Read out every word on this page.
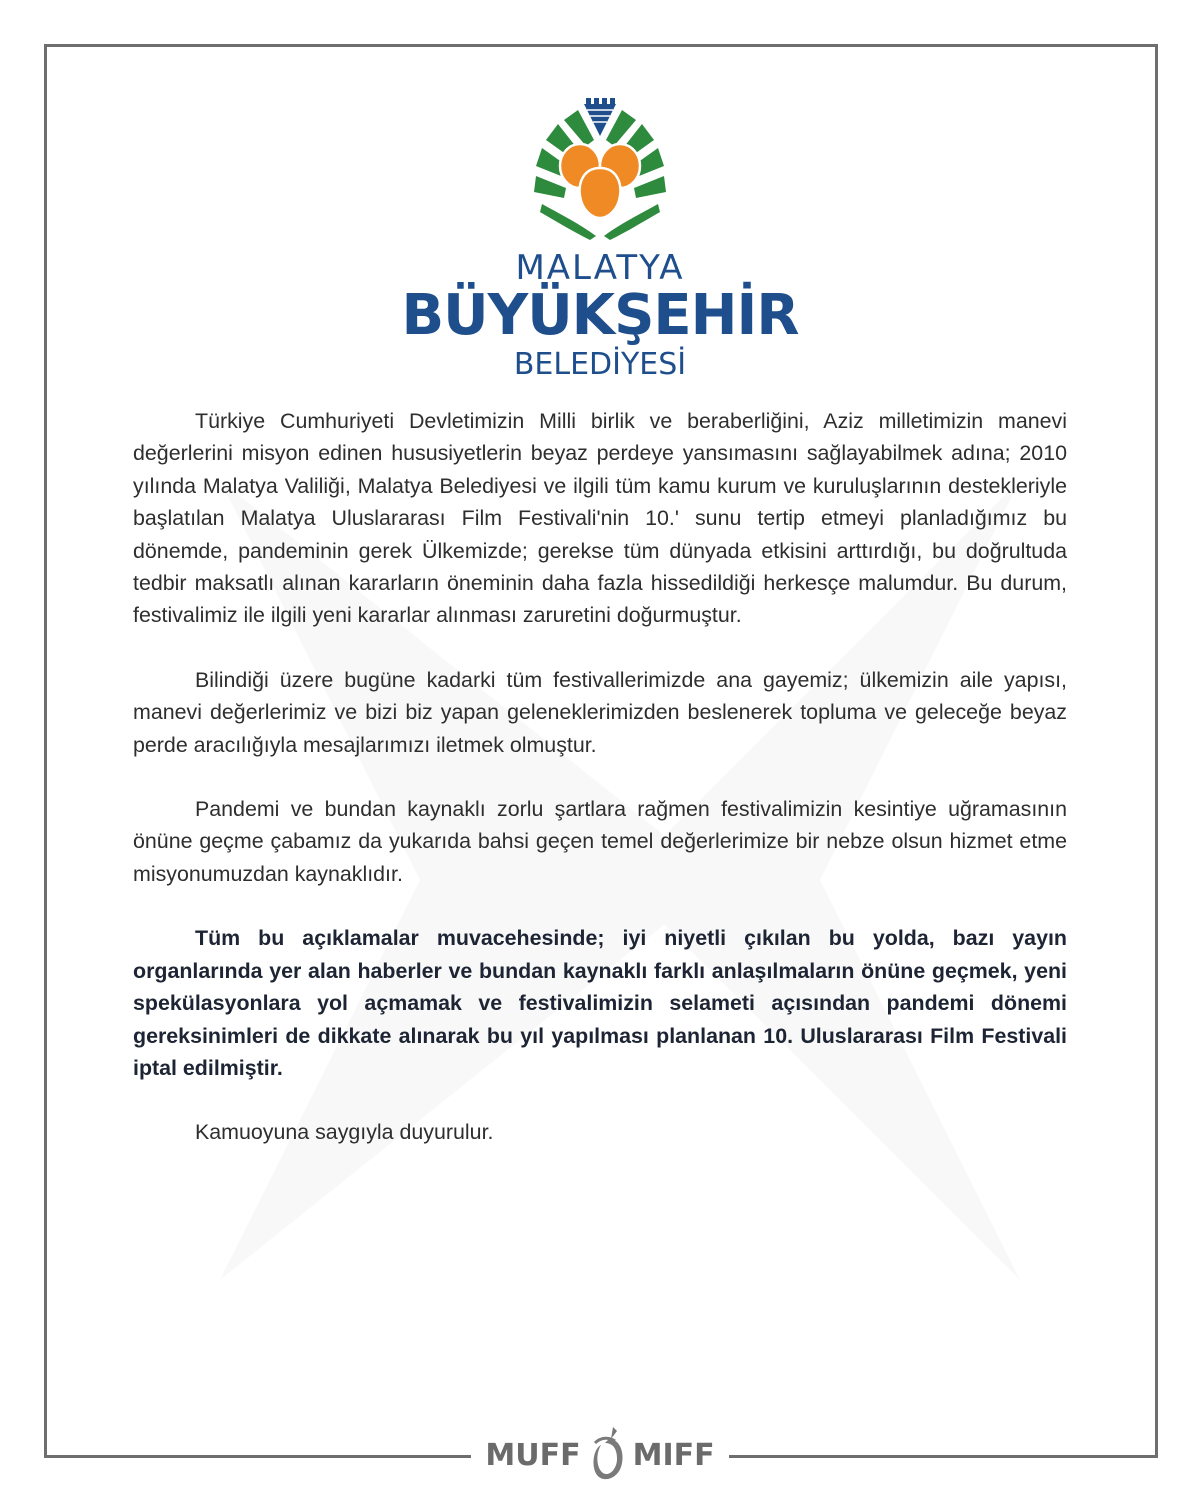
MALATYA
BÜYÜKŞEHİR
BELEDİYESİ

Türkiye Cumhuriyeti Devletimizin Milli birlik ve beraberliğini, Aziz milletimizin manevi değerlerini misyon edinen hususiyetlerin beyaz perdeye yansımasını sağlayabilmek adına; 2010 yılında Malatya Valiliği, Malatya Belediyesi ve ilgili tüm kamu kurum ve kuruluşlarının destekleriyle başlatılan Malatya Uluslararası Film Festivali'nin 10.' sunu tertip etmeyi planladığımız bu dönemde, pandeminin gerek Ülkemizde; gerekse tüm dünyada etkisini arttırdığı, bu doğrultuda tedbir maksatlı alınan kararların öneminin daha fazla hissedildiği herkesçe malumdur. Bu durum, festivalimiz ile ilgili yeni kararlar alınması zaruretini doğurmuştur.

Bilindiği üzere bugüne kadarki tüm festivallerimizde ana gayemiz; ülkemizin aile yapısı, manevi değerlerimiz ve bizi biz yapan geleneklerimizden beslenerek topluma ve geleceğe beyaz perde aracılığıyla mesajlarımızı iletmek olmuştur.

Pandemi ve bundan kaynaklı zorlu şartlara rağmen festivalimizin kesintiye uğramasının önüne geçme çabamız da yukarıda bahsi geçen temel değerlerimize bir nebze olsun hizmet etme misyonumuzdan kaynaklıdır.

Tüm bu açıklamalar muvacehesinde; iyi niyetli çıkılan bu yolda, bazı yayın organlarında yer alan haberler ve bundan kaynaklı farklı anlaşılmaların önüne geçmek, yeni spekülasyonlara yol açmamak ve festivalimizin selameti açısından pandemi dönemi gereksinimleri de dikkate alınarak bu yıl yapılması planlanan 10. Uluslararası Film Festivali iptal edilmiştir.

Kamuoyuna saygıyla duyurulur.

MUFF MIFF
